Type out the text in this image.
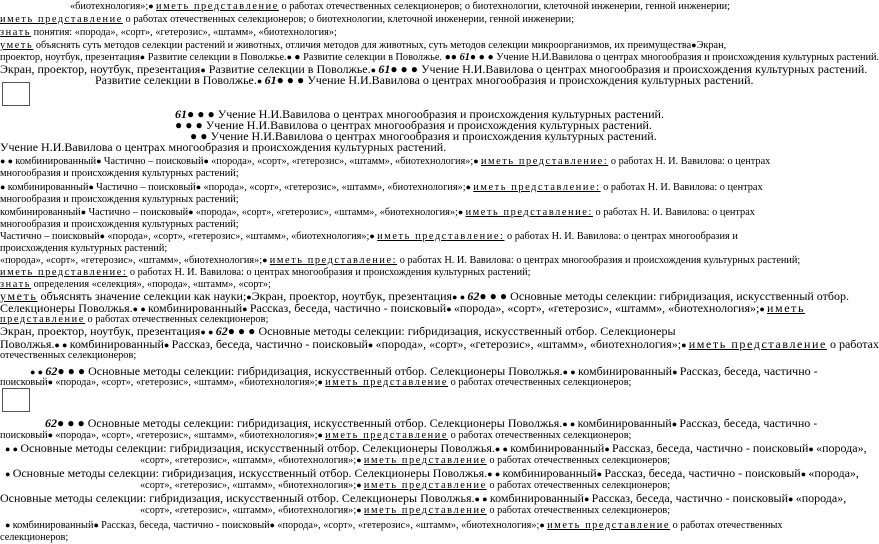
«биотехнология»;● иметь представление о работах отечественных селекционеров; о биотехнологии, клеточной инженерии, генной инженерии;
иметь представление о работах отечественных селекционеров; о биотехнологии, клеточной инженерии, генной инженерии;
знать понятия: «порода», «сорт», «гетерозис», «штамм», «биотехнология»;
уметь объяснять суть методов селекции растений и животных, отличия методов для животных, суть методов селекции микроорганизмов, их преимущества●Экран,
проектор, ноутбук, презентация● Развитие селекции в Поволжье.● ● Развитие селекции в Поволжье. ●● 61● ● ● Учение Н.И.Вавилова о центрах многообразия и происхождения культурных растений.
Экран, проектор, ноутбук, презентация● Развитие селекции в Поволжье.● 61● ● ● Учение Н.И.Вавилова о центрах многообразия и происхождения культурных растений.
Развитие селекции в Поволжье.● 61● ● ● Учение Н.И.Вавилова о центрах многообразия и происхождения культурных растений.
61● ● ● Учение Н.И.Вавилова о центрах многообразия и происхождения культурных растений.
● ● ● Учение Н.И.Вавилова о центрах многообразия и происхождения культурных растений.
● ● Учение Н.И.Вавилова о центрах многообразия и происхождения культурных растений.
Учение Н.И.Вавилова о центрах многообразия и происхождения культурных растений.
● ● комбинированный● Частично – поисковый● «порода», «сорт», «гетерозис», «штамм», «биотехнология»;● иметь представление: о работах Н. И. Вавилова: о центрах
многообразия и происхождения культурных растений;
● комбинированный● Частично – поисковый● «порода», «сорт», «гетерозис», «штамм», «биотехнология»;● иметь представление: о работах Н. И. Вавилова: о центрах
многообразия и происхождения культурных растений;
комбинированный● Частично – поисковый● «порода», «сорт», «гетерозис», «штамм», «биотехнология»;● иметь представление: о работах Н. И. Вавилова: о центрах
многообразия и происхождения культурных растений;
Частично – поисковый● «порода», «сорт», «гетерозис», «штамм», «биотехнология»;● иметь представление: о работах Н. И. Вавилова: о центрах многообразия и
происхождения культурных растений;
«порода», «сорт», «гетерозис», «штамм», «биотехнология»;● иметь представление: о работах Н. И. Вавилова: о центрах многообразия и происхождения культурных растений;
иметь представление: о работах Н. И. Вавилова: о центрах многообразия и происхождения культурных растений;
знать определения «селекция», «порода», «штамм», «сорт»;
уметь объяснять значение селекции как науки;●Экран, проектор, ноутбук, презентация● ● 62● ● ● Основные методы селекции: гибридизация, искусственный отбор.
Селекционеры Поволжья.● ● комбинированный● Рассказ, беседа, частично - поисковый● «порода», «сорт», «гетерозис», «штамм», «биотехнология»;● иметь
представление о работах отечественных селекционеров;
Экран, проектор, ноутбук, презентация● ● 62● ● ● Основные методы селекции: гибридизация, искусственный отбор. Селекционеры
Поволжья.● ● комбинированный● Рассказ, беседа, частично - поисковый● «порода», «сорт», «гетерозис», «штамм», «биотехнология»;● иметь представление о работах
отечественных селекционеров;
● ● 62● ● ● Основные методы селекции: гибридизация, искусственный отбор. Селекционеры Поволжья.● ● комбинированный● Рассказ, беседа, частично -
поисковый● «порода», «сорт», «гетерозис», «штамм», «биотехнология»;● иметь представление о работах отечественных селекционеров;
62● ● ● Основные методы селекции: гибридизация, искусственный отбор. Селекционеры Поволжья.● ● комбинированный● Рассказ, беседа, частично -
поисковый● «порода», «сорт», «гетерозис», «штамм», «биотехнология»;● иметь представление о работах отечественных селекционеров;
● ● Основные методы селекции: гибридизация, искусственный отбор. Селекционеры Поволжья.● ● комбинированный● Рассказ, беседа, частично - поисковый● «порода»,
«сорт», «гетерозис», «штамм», «биотехнология»;● иметь представление о работах отечественных селекционеров;
● Основные методы селекции: гибридизация, искусственный отбор. Селекционеры Поволжья.● ● комбинированный● Рассказ, беседа, частично - поисковый● «порода»,
«сорт», «гетерозис», «штамм», «биотехнология»;● иметь представление о работах отечественных селекционеров;
Основные методы селекции: гибридизация, искусственный отбор. Селекционеры Поволжья.● ● комбинированный● Рассказ, беседа, частично - поисковый● «порода»,
«сорт», «гетерозис», «штамм», «биотехнология»;● иметь представление о работах отечественных селекционеров;
● комбинированный● Рассказ, беседа, частично - поисковый● «порода», «сорт», «гетерозис», «штамм», «биотехнология»;● иметь представление о работах отечественных
селекционеров;
